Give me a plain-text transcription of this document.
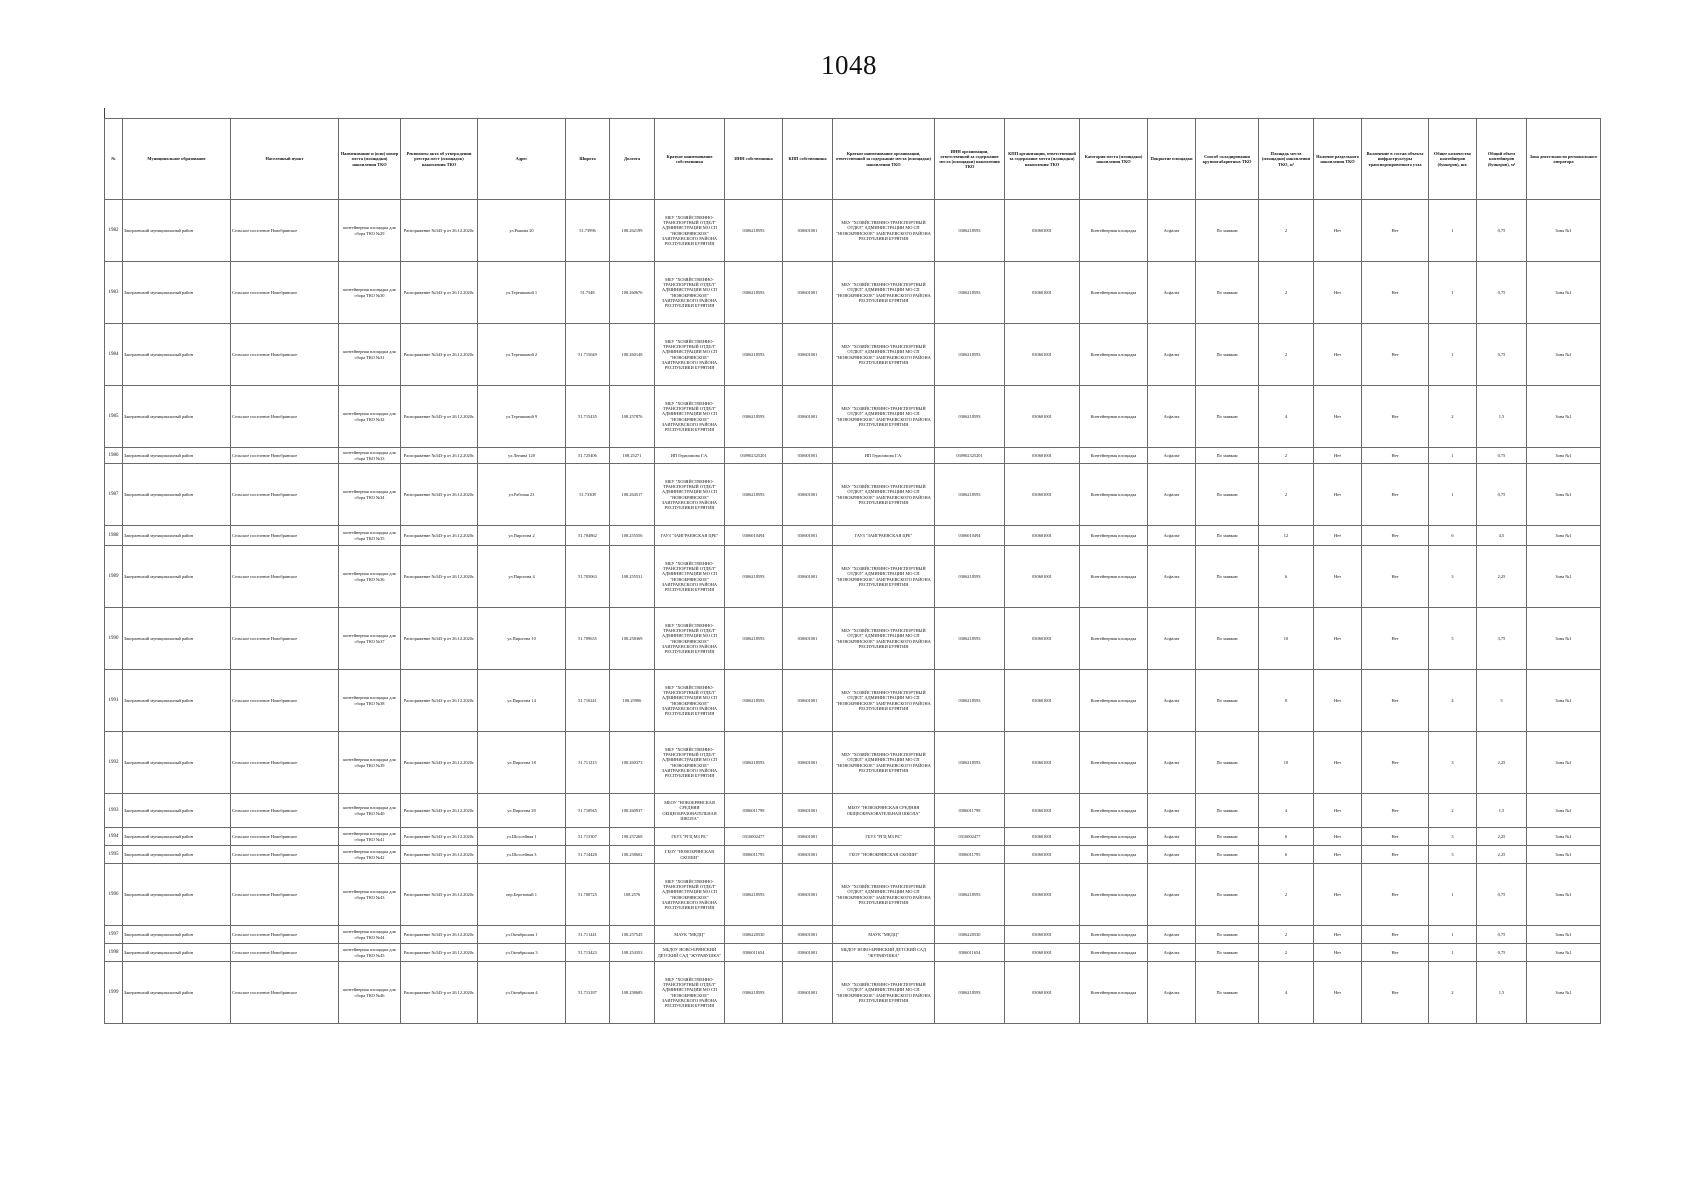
1048
№	Муниципальное образование	Населенный пункт	Наименование и (или) номер места (площадки) накопления ТКО	Реквизиты акта об утверждении реестра мест (площадок) накопления ТКО	Адрес	Широта	Долгота	Краткое наименование собственника	ИНН собственника	КПП собственника	Краткое наименование организации, ответственной за содержание места (площадки) накопления ТКО	ИНН организации, ответственной за содержание места (площадки) накопления ТКО	КПП организации, ответственной за содержание места (площадки) накопления ТКО	Категория места (площадки) накопления ТКО	Покрытие площадки	Способ складирования крупногабаритных ТКО	Площадь места (площадки) накопления ТКО, м²	Наличие раздельного накопления ТКО	Включение в состав объекта инфраструктуры транспортировочного узла	Общее количество контейнеров (бункеров), шт.	Общий объем контейнеров (бункеров), м³	Зона деятельности регионального оператора
1982	Заиграевский муниципальный район	Сельское поселение Новобрянское	контейнерная площадка для сбора ТКО №29	Распоряжение №343-р от 26.12.2020г.	ул.Рыкова 20	51.73996	108.262199	МБУ "ХОЗЯЙСТВЕННО-ТРАНСПОРТНЫЙ ОТДЕЛ" АДМИНИСТРАЦИИ МО СП "НОВОБРЯНСКОЕ" ЗАИГРАЕВСКОГО РАЙОНА РЕСПУБЛИКИ БУРЯТИЯ	0306218593	030601001	МБУ "ХОЗЯЙСТВЕННО-ТРАНСПОРТНЫЙ ОТДЕЛ" АДМИНИСТРАЦИИ МО СП "НОВОБРЯНСКОЕ" ЗАИГРАЕВСКОГО РАЙОНА РЕСПУБЛИКИ БУРЯТИЯ	0306218593	030601001	Контейнерная площадка	Асфальт	По заявкам	2	Нет	Нет	1	0,75	Зона №1
1983	Заиграевский муниципальный район	Сельское поселение Новобрянское	контейнерная площадка для сбора ТКО №30	Распоряжение №343-р от 26.12.2020г.	ул.Терешковой 1	51.7348	108.260676	МБУ "ХОЗЯЙСТВЕННО-ТРАНСПОРТНЫЙ ОТДЕЛ" АДМИНИСТРАЦИИ МО СП "НОВОБРЯНСКОЕ" ЗАИГРАЕВСКОГО РАЙОНА РЕСПУБЛИКИ БУРЯТИЯ	0306218593	030601001	МБУ "ХОЗЯЙСТВЕННО-ТРАНСПОРТНЫЙ ОТДЕЛ" АДМИНИСТРАЦИИ МО СП "НОВОБРЯНСКОЕ" ЗАИГРАЕВСКОГО РАЙОНА РЕСПУБЛИКИ БУРЯТИЯ	0306218593	030601001	Контейнерная площадка	Асфальт	По заявкам	2	Нет	Нет	1	0,75	Зона №1
1984	Заиграевский муниципальный район	Сельское поселение Новобрянское	контейнерная площадка для сбора ТКО №31	Распоряжение №343-р от 26.12.2020г.	ул.Терешковой 2	51.715049	108.260148	МБУ "ХОЗЯЙСТВЕННО-ТРАНСПОРТНЫЙ ОТДЕЛ" АДМИНИСТРАЦИИ МО СП "НОВОБРЯНСКОЕ" ЗАИГРАЕВСКОГО РАЙОНА РЕСПУБЛИКИ БУРЯТИЯ	0306218593	030601001	МБУ "ХОЗЯЙСТВЕННО-ТРАНСПОРТНЫЙ ОТДЕЛ" АДМИНИСТРАЦИИ МО СП "НОВОБРЯНСКОЕ" ЗАИГРАЕВСКОГО РАЙОНА РЕСПУБЛИКИ БУРЯТИЯ	0306218593	030601001	Контейнерная площадка	Асфальт	По заявкам	2	Нет	Нет	1	0,75	Зона №1
1985	Заиграевский муниципальный район	Сельское поселение Новобрянское	контейнерная площадка для сбора ТКО №32	Распоряжение №343-р от 26.12.2020г.	ул.Терешковой 9	51.715435	108.257876	МБУ "ХОЗЯЙСТВЕННО-ТРАНСПОРТНЫЙ ОТДЕЛ" АДМИНИСТРАЦИИ МО СП "НОВОБРЯНСКОЕ" ЗАИГРАЕВСКОГО РАЙОНА РЕСПУБЛИКИ БУРЯТИЯ	0306218593	030601001	МБУ "ХОЗЯЙСТВЕННО-ТРАНСПОРТНЫЙ ОТДЕЛ" АДМИНИСТРАЦИИ МО СП "НОВОБРЯНСКОЕ" ЗАИГРАЕВСКОГО РАЙОНА РЕСПУБЛИКИ БУРЯТИЯ	0306218593	030601001	Контейнерная площадка	Асфальт	По заявкам	4	Нет	Нет	2	1,5	Зона №1
1986	Заиграевский муниципальный район	Сельское поселение Новобрянское	контейнерная площадка для сбора ТКО №33	Распоряжение №343-р от 26.12.2020г.	ул.Ленина 120	51.725406	108.25271	ИП Герасимова Г.А.	030902325201	030601001	ИП Герасимова Г.А.	030902325201	030601001	Контейнерная площадка	Асфальт	По заявкам	2	Нет	Нет	1	0,75	Зона №1
1987	Заиграевский муниципальный район	Сельское поселение Новобрянское	контейнерная площадка для сбора ТКО №34	Распоряжение №343-р от 26.12.2020г.	ул.Рабочая 23	51.73308	108.264517	МБУ "ХОЗЯЙСТВЕННО-ТРАНСПОРТНЫЙ ОТДЕЛ" АДМИНИСТРАЦИИ МО СП "НОВОБРЯНСКОЕ" ЗАИГРАЕВСКОГО РАЙОНА РЕСПУБЛИКИ БУРЯТИЯ	0306218593	030601001	МБУ "ХОЗЯЙСТВЕННО-ТРАНСПОРТНЫЙ ОТДЕЛ" АДМИНИСТРАЦИИ МО СП "НОВОБРЯНСКОЕ" ЗАИГРАЕВСКОГО РАЙОНА РЕСПУБЛИКИ БУРЯТИЯ	0306218593	030601001	Контейнерная площадка	Асфальт	По заявкам	2	Нет	Нет	1	0,75	Зона №1
1988	Заиграевский муниципальный район	Сельское поселение Новобрянское	контейнерная площадка для сбора ТКО №35	Распоряжение №343-р от 26.12.2020г.	ул.Пирогова 2	51.704862	108.255556	ГАУЗ "ЗАИГРАЕВСКАЯ ЦРБ"	0306010494	030601001	ГАУЗ "ЗАИГРАЕВСКАЯ ЦРБ"	0306010494	030601001	Контейнерная площадка	Асфальт	По заявкам	12	Нет	Нет	6	4,5	Зона №1
1989	Заиграевский муниципальный район	Сельское поселение Новобрянское	контейнерная площадка для сбора ТКО №36	Распоряжение №343-р от 26.12.2020г.	ул.Пирогова 4	51.705063	108.255531	МБУ "ХОЗЯЙСТВЕННО-ТРАНСПОРТНЫЙ ОТДЕЛ" АДМИНИСТРАЦИИ МО СП "НОВОБРЯНСКОЕ" ЗАИГРАЕВСКОГО РАЙОНА РЕСПУБЛИКИ БУРЯТИЯ	0306218593	030601001	МБУ "ХОЗЯЙСТВЕННО-ТРАНСПОРТНЫЙ ОТДЕЛ" АДМИНИСТРАЦИИ МО СП "НОВОБРЯНСКОЕ" ЗАИГРАЕВСКОГО РАЙОНА РЕСПУБЛИКИ БУРЯТИЯ	0306218593	030601001	Контейнерная площадка	Асфальт	По заявкам	6	Нет	Нет	3	2,25	Зона №1
1990	Заиграевский муниципальный район	Сельское поселение Новобрянское	контейнерная площадка для сбора ТКО №37	Распоряжение №343-р от 26.12.2020г.	ул.Пирогова 10	51.709635	108.258369	МБУ "ХОЗЯЙСТВЕННО-ТРАНСПОРТНЫЙ ОТДЕЛ" АДМИНИСТРАЦИИ МО СП "НОВОБРЯНСКОЕ" ЗАИГРАЕВСКОГО РАЙОНА РЕСПУБЛИКИ БУРЯТИЯ	0306218593	030601001	МБУ "ХОЗЯЙСТВЕННО-ТРАНСПОРТНЫЙ ОТДЕЛ" АДМИНИСТРАЦИИ МО СП "НОВОБРЯНСКОЕ" ЗАИГРАЕВСКОГО РАЙОНА РЕСПУБЛИКИ БУРЯТИЯ	0306218593	030601001	Контейнерная площадка	Асфальт	По заявкам	10	Нет	Нет	5	3,75	Зона №1
1991	Заиграевский муниципальный район	Сельское поселение Новобрянское	контейнерная площадка для сбора ТКО №38	Распоряжение №343-р от 26.12.2020г.	ул.Пирогова 14	51.710241	108.25906	МБУ "ХОЗЯЙСТВЕННО-ТРАНСПОРТНЫЙ ОТДЕЛ" АДМИНИСТРАЦИИ МО СП "НОВОБРЯНСКОЕ" ЗАИГРАЕВСКОГО РАЙОНА РЕСПУБЛИКИ БУРЯТИЯ	0306218593	030601001	МБУ "ХОЗЯЙСТВЕННО-ТРАНСПОРТНЫЙ ОТДЕЛ" АДМИНИСТРАЦИИ МО СП "НОВОБРЯНСКОЕ" ЗАИГРАЕВСКОГО РАЙОНА РЕСПУБЛИКИ БУРЯТИЯ	0306218593	030601001	Контейнерная площадка	Асфальт	По заявкам	8	Нет	Нет	4	3	Зона №1
1992	Заиграевский муниципальный район	Сельское поселение Новобрянское	контейнерная площадка для сбора ТКО №39	Распоряжение №343-р от 26.12.2020г.	ул.Пирогова 18	51.711215	108.260373	МБУ "ХОЗЯЙСТВЕННО-ТРАНСПОРТНЫЙ ОТДЕЛ" АДМИНИСТРАЦИИ МО СП "НОВОБРЯНСКОЕ" ЗАИГРАЕВСКОГО РАЙОНА РЕСПУБЛИКИ БУРЯТИЯ	0306218593	030601001	МБУ "ХОЗЯЙСТВЕННО-ТРАНСПОРТНЫЙ ОТДЕЛ" АДМИНИСТРАЦИИ МО СП "НОВОБРЯНСКОЕ" ЗАИГРАЕВСКОГО РАЙОНА РЕСПУБЛИКИ БУРЯТИЯ	0306218593	030601001	Контейнерная площадка	Асфальт	По заявкам	10	Нет	Нет	3	2,25	Зона №1
1993	Заиграевский муниципальный район	Сельское поселение Новобрянское	контейнерная площадка для сбора ТКО №40	Распоряжение №343-р от 26.12.2020г.	ул.Пирогова 20	51.710945	108.260937	МБОУ "НОВОБРЯНСКАЯ СРЕДНЯЯ ОБЩЕОБРАЗОВАТЕЛЬНАЯ ШКОЛА"	0306011798	030601001	МБОУ "НОВОБРЯНСКАЯ СРЕДНЯЯ ОБЩЕОБРАЗОВАТЕЛЬНАЯ ШКОЛА"	0306011798	030601001	Контейнерная площадка	Асфальт	По заявкам	4	Нет	Нет	2	1,5	Зона №1
1994	Заиграевский муниципальный район	Сельское поселение Новобрянское	контейнерная площадка для сбора ТКО №41	Распоряжение №343-р от 26.12.2020г.	ул.Шоссейная 1	51.713307	108.257268	ГБУЗ "РГЦ МЗ РБ"	0316002477	030601001	ГБУЗ "РГЦ МЗ РБ"	0316002477	030601001	Контейнерная площадка	Асфальт	По заявкам	6	Нет	Нет	3	2,25	Зона №1
1995	Заиграевский муниципальный район	Сельское поселение Новобрянское	контейнерная площадка для сбора ТКО №42	Распоряжение №343-р от 26.12.2020г.	ул.Шоссейная 3	51.714428	108.258602	ГБОУ "НОВОБРЯНСКАЯ СКОШИ"	0306011795	030601001	ГБОУ "НОВОБРЯНСКАЯ СКОШИ"	0306011795	030601001	Контейнерная площадка	Асфальт	По заявкам	6	Нет	Нет	3	2,25	Зона №1
1996	Заиграевский муниципальный район	Сельское поселение Новобрянское	контейнерная площадка для сбора ТКО №43	Распоряжение №343-р от 26.12.2020г.	пер.Березовый 1	51.708725	108.2576	МБУ "ХОЗЯЙСТВЕННО-ТРАНСПОРТНЫЙ ОТДЕЛ" АДМИНИСТРАЦИИ МО СП "НОВОБРЯНСКОЕ" ЗАИГРАЕВСКОГО РАЙОНА РЕСПУБЛИКИ БУРЯТИЯ	0306218593	030601001	МБУ "ХОЗЯЙСТВЕННО-ТРАНСПОРТНЫЙ ОТДЕЛ" АДМИНИСТРАЦИИ МО СП "НОВОБРЯНСКОЕ" ЗАИГРАЕВСКОГО РАЙОНА РЕСПУБЛИКИ БУРЯТИЯ	0306218593	030601001	Контейнерная площадка	Асфальт	По заявкам	2	Нет	Нет	1	0,75	Зона №1
1997	Заиграевский муниципальный район	Сельское поселение Новобрянское	контейнерная площадка для сбора ТКО №44	Распоряжение №343-р от 26.12.2020г.	ул.Октябрьская 1	51.711441	108.257545	МАУК "МКДЦ"	0306220530	030601001	МАУК "МКДЦ"	0306220530	030601001	Контейнерная площадка	Асфальт	По заявкам	2	Нет	Нет	1	0,75	Зона №1
1998	Заиграевский муниципальный район	Сельское поселение Новобрянское	контейнерная площадка для сбора ТКО №45	Распоряжение №343-р от 26.12.2020г.	ул.Октябрьская 3	51.713423	108.254353	МБДОУ НОВО-БРЯНСКИЙ ДЕТСКИЙ САД "ЖУРАВУШКА"	0306011654	030601001	МБДОУ НОВО-БРЯНСКИЙ ДЕТСКИЙ САД "ЖУРАВУШКА"	0306011654	030601001	Контейнерная площадка	Асфальт	По заявкам	2	Нет	Нет	1	0,75	Зона №1
1999	Заиграевский муниципальный район	Сельское поселение Новобрянское	контейнерная площадка для сбора ТКО №46	Распоряжение №343-р от 26.12.2020г.	ул.Октябрьская 4	51.713187	108.258685	МБУ "ХОЗЯЙСТВЕННО-ТРАНСПОРТНЫЙ ОТДЕЛ" АДМИНИСТРАЦИИ МО СП "НОВОБРЯНСКОЕ" ЗАИГРАЕВСКОГО РАЙОНА РЕСПУБЛИКИ БУРЯТИЯ	0306218593	030601001	МБУ "ХОЗЯЙСТВЕННО-ТРАНСПОРТНЫЙ ОТДЕЛ" АДМИНИСТРАЦИИ МО СП "НОВОБРЯНСКОЕ" ЗАИГРАЕВСКОГО РАЙОНА РЕСПУБЛИКИ БУРЯТИЯ	0306218593	030601001	Контейнерная площадка	Асфальт	По заявкам	4	Нет	Нет	2	1,5	Зона №1
